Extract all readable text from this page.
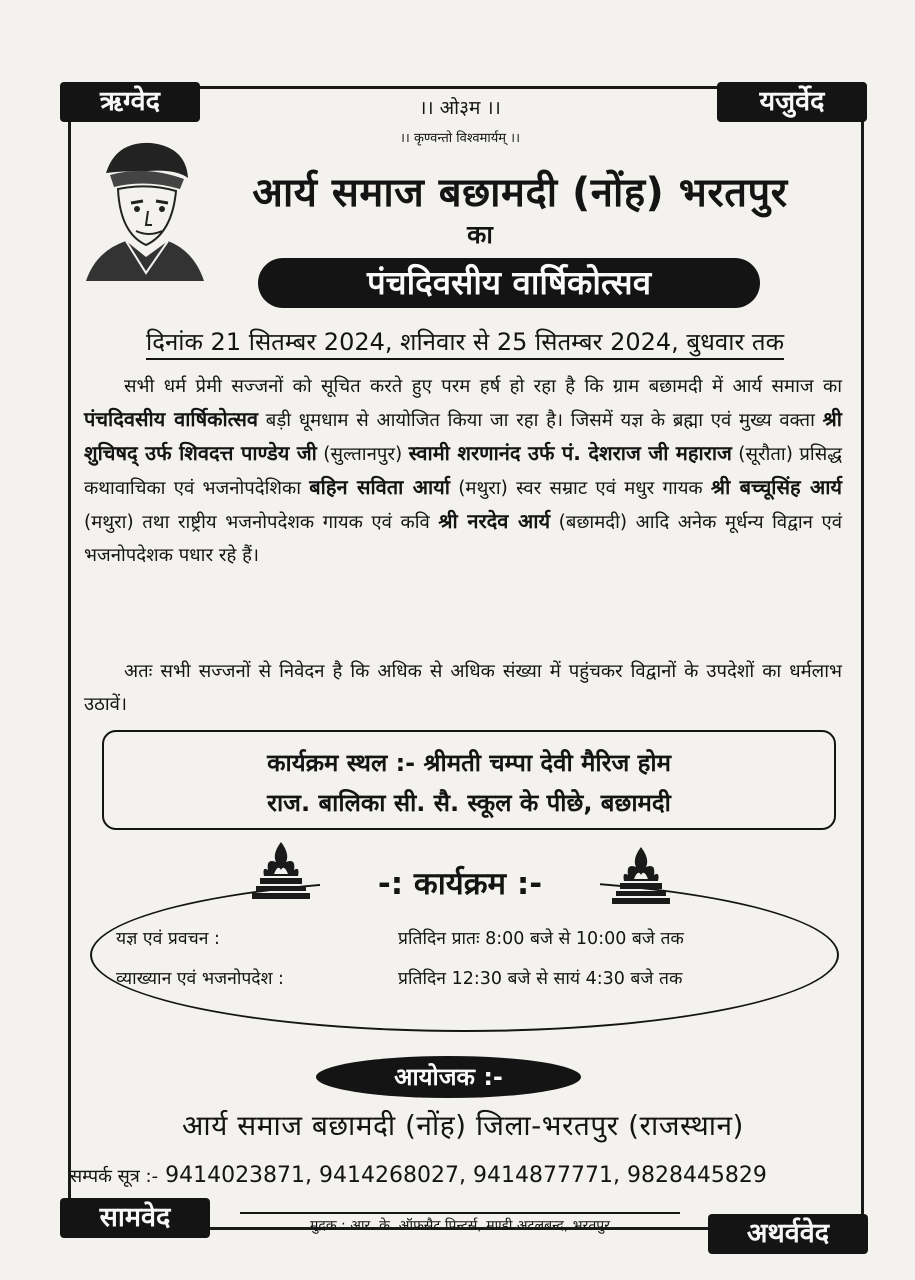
ऋग्वेद	यजुर्वेद
सामवेद
अथर्ववेद
।। ओ३म ।।
।। कृण्वन्तो विश्वमार्यम् ।।
आर्य समाज बछामदी (नोंह) भरतपुर
का
पंचदिवसीय वार्षिकोत्सव
दिनांक 21 सितम्बर 2024, शनिवार से 25 सितम्बर 2024, बुधवार तक
सभी धर्म प्रेमी सज्जनों को सूचित करते हुए परम हर्ष हो रहा है कि ग्राम बछामदी में आर्य समाज का पंचदिवसीय वार्षिकोत्सव बड़ी धूमधाम से आयोजित किया जा रहा है। जिसमें यज्ञ के ब्रह्मा एवं मुख्य वक्ता श्री शुचिषद् उर्फ शिवदत्त पाण्डेय जी (सुल्तानपुर) स्वामी शरणानंद उर्फ पं. देशराज जी महाराज (सूरौता) प्रसिद्ध कथावाचिका एवं भजनोपदेशिका बहिन सविता आर्या (मथुरा) स्वर सम्राट एवं मधुर गायक श्री बच्चूसिंह आर्य (मथुरा) तथा राष्ट्रीय भजनोपदेशक गायक एवं कवि श्री नरदेव आर्य (बछामदी) आदि अनेक मूर्धन्य विद्वान एवं भजनोपदेशक पधार रहे हैं।
अतः सभी सज्जनों से निवेदन है कि अधिक से अधिक संख्या में पहुंचकर विद्वानों के उपदेशों का धर्मलाभ उठावें।
कार्यक्रम स्थल :- श्रीमती चम्पा देवी मैरिज होम
राज. बालिका सी. सै. स्कूल के पीछे, बछामदी
-: कार्यक्रम :-
यज्ञ एवं प्रवचन :	प्रतिदिन प्रातः 8:00 बजे से 10:00 बजे तक
व्याख्यान एवं भजनोपदेश :	प्रतिदिन 12:30 बजे से सायं 4:30 बजे तक
आयोजक :-
आर्य समाज बछामदी (नोंह) जिला-भरतपुर (राजस्थान)
सम्पर्क सूत्र :- 9414023871, 9414268027, 9414877771, 9828445829
मुद्रक : आर. के. ऑफसैट प्रिन्टर्स, मण्डी अटलबन्द, भरतपुर
